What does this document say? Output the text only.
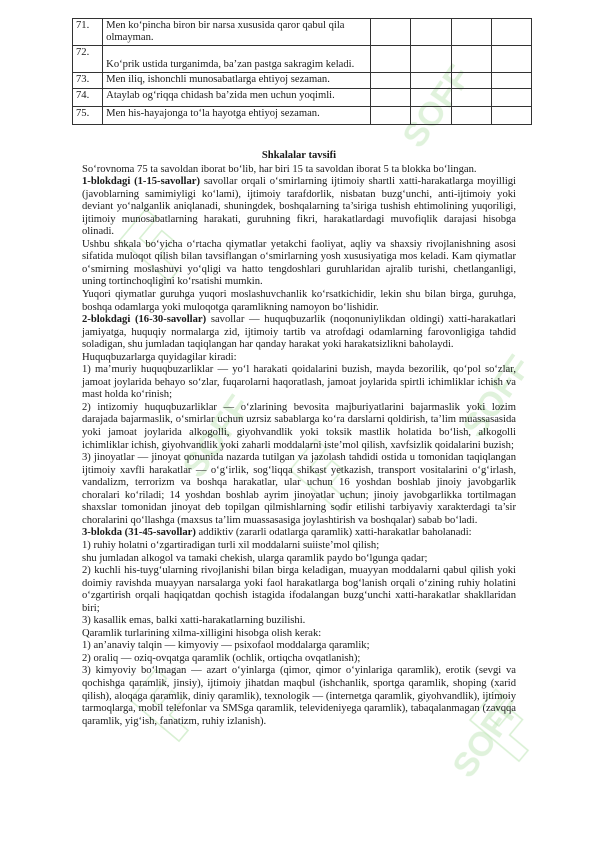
SOFF
SOFF	SOFF
SOFF
71.	Men ko‘pincha biron bir narsa xususida qaror qabul qila olmayman.				
72.	Ko‘prik ustida turganimda, ba’zan pastga sakragim keladi.				
73.	Men iliq, ishonchli munosabatlarga ehtiyoj sezaman.				
74.	Ataylab og‘riqqa chidash ba’zida men uchun yoqimli.				
75.	Men his-hayajonga to‘la hayotga ehtiyoj sezaman.				

Shkalalar tavsifi

So‘rovnoma 75 ta savoldan iborat bo‘lib, har biri 15 ta savoldan iborat 5 ta blokka bo‘lingan.

1-blokdagi (1-15-savollar) savollar orqali o‘smirlarning ijtimoiy shartli xatti-harakatlarga moyilligi (javoblarning samimiyligi ko‘lami), ijtimoiy tarafdorlik, nisbatan buzg‘unchi, anti-ijtimoiy yoki deviant yo‘nalganlik aniqlanadi, shuningdek, boshqalarning ta’siriga tushish ehtimolining yuqoriligi, ijtimoiy munosabatlarning harakati, guruhning fikri, harakatlardagi muvofiqlik darajasi hisobga olinadi.

Ushbu shkala bo‘yicha o‘rtacha qiymatlar yetakchi faoliyat, aqliy va shaxsiy rivojlanishning asosi sifatida muloqot qilish bilan tavsiflangan o‘smirlarning yosh xususiyatiga mos keladi. Kam qiymatlar o‘smirning moslashuvi yo‘qligi va hatto tengdoshlari guruhlaridan ajralib turishi, chetlanganligi, uning tortinchoqligini ko‘rsatishi mumkin.

Yuqori qiymatlar guruhga yuqori moslashuvchanlik ko‘rsatkichidir, lekin shu bilan birga, guruhga, boshqa odamlarga yoki muloqotga qaramlikning namoyon bo‘lishidir.

2-blokdagi (16-30-savollar) savollar — huquqbuzarlik (noqonuniylikdan oldingi) xatti-harakatlari jamiyatga, huquqiy normalarga zid, ijtimoiy tartib va atrofdagi odamlarning farovonligiga tahdid soladigan, shu jumladan taqiqlangan har qanday harakat yoki harakatsizlikni baholaydi.

Huquqbuzarlarga quyidagilar kiradi:

1) ma’muriy huquqbuzarliklar — yo‘l harakati qoidalarini buzish, mayda bezorilik, qo‘pol so‘zlar, jamoat joylarida behayo so‘zlar, fuqarolarni haqoratlash, jamoat joylarida spirtli ichimliklar ichish va mast holda ko‘rinish;

2) intizomiy huquqbuzarliklar — o‘zlarining bevosita majburiyatlarini bajarmaslik yoki lozim darajada bajarmaslik, o‘smirlar uchun uzrsiz sabablarga ko‘ra darslarni qoldirish, ta’lim muassasasida yoki jamoat joylarida alkogolli, giyohvandlik yoki toksik mastlik holatida bo‘lish, alkogolli ichimliklar ichish, giyohvandlik yoki zaharli moddalarni iste’mol qilish, xavfsizlik qoidalarini buzish;

3) jinoyatlar — jinoyat qonunida nazarda tutilgan va jazolash tahdidi ostida u tomonidan taqiqlangan ijtimoiy xavfli harakatlar — o‘g‘irlik, sog‘liqqa shikast yetkazish, transport vositalarini o‘g‘irlash, vandalizm, terrorizm va boshqa harakatlar, ular uchun 16 yoshdan boshlab jinoiy javobgarlik choralari ko‘riladi; 14 yoshdan boshlab ayrim jinoyatlar uchun; jinoiy javobgarlikka tortilmagan shaxslar tomonidan jinoyat deb topilgan qilmishlarning sodir etilishi tarbiyaviy xarakterdagi ta’sir choralarini qo‘llashga (maxsus ta’lim muassasasiga joylashtirish va boshqalar) sabab bo‘ladi.

3-blokda (31-45-savollar) addiktiv (zararli odatlarga qaramlik) xatti-harakatlar baholanadi:

1) ruhiy holatni o‘zgartiradigan turli xil moddalarni suiiste’mol qilish;

shu jumladan alkogol va tamaki chekish, ularga qaramlik paydo bo‘lgunga qadar;

2) kuchli his-tuyg‘ularning rivojlanishi bilan birga keladigan, muayyan moddalarni qabul qilish yoki doimiy ravishda muayyan narsalarga yoki faol harakatlarga bog‘lanish orqali o‘zining ruhiy holatini o‘zgartirish orqali haqiqatdan qochish istagida ifodalangan buzg‘unchi xatti-harakatlar shakllaridan biri;

3) kasallik emas, balki xatti-harakatlarning buzilishi.

Qaramlik turlarining xilma-xilligini hisobga olish kerak:

1) an’anaviy talqin — kimyoviy — psixofaol moddalarga qaramlik;

2) oraliq — oziq-ovqatga qaramlik (ochlik, ortiqcha ovqatlanish);

3) kimyoviy bo‘lmagan — azart o‘yinlarga (qimor, qimor o‘yinlariga qaramlik), erotik (sevgi va qochishga qaramlik, jinsiy), ijtimoiy jihatdan maqbul (ishchanlik, sportga qaramlik, shoping (xarid qilish), aloqaga qaramlik, diniy qaramlik), texnologik — (internetga qaramlik, giyohvandlik), ijtimoiy tarmoqlarga, mobil telefonlar va SMSga qaramlik, televideniyega qaramlik), tabaqalanmagan (zavqqa qaramlik, yig‘ish, fanatizm, ruhiy izlanish).
